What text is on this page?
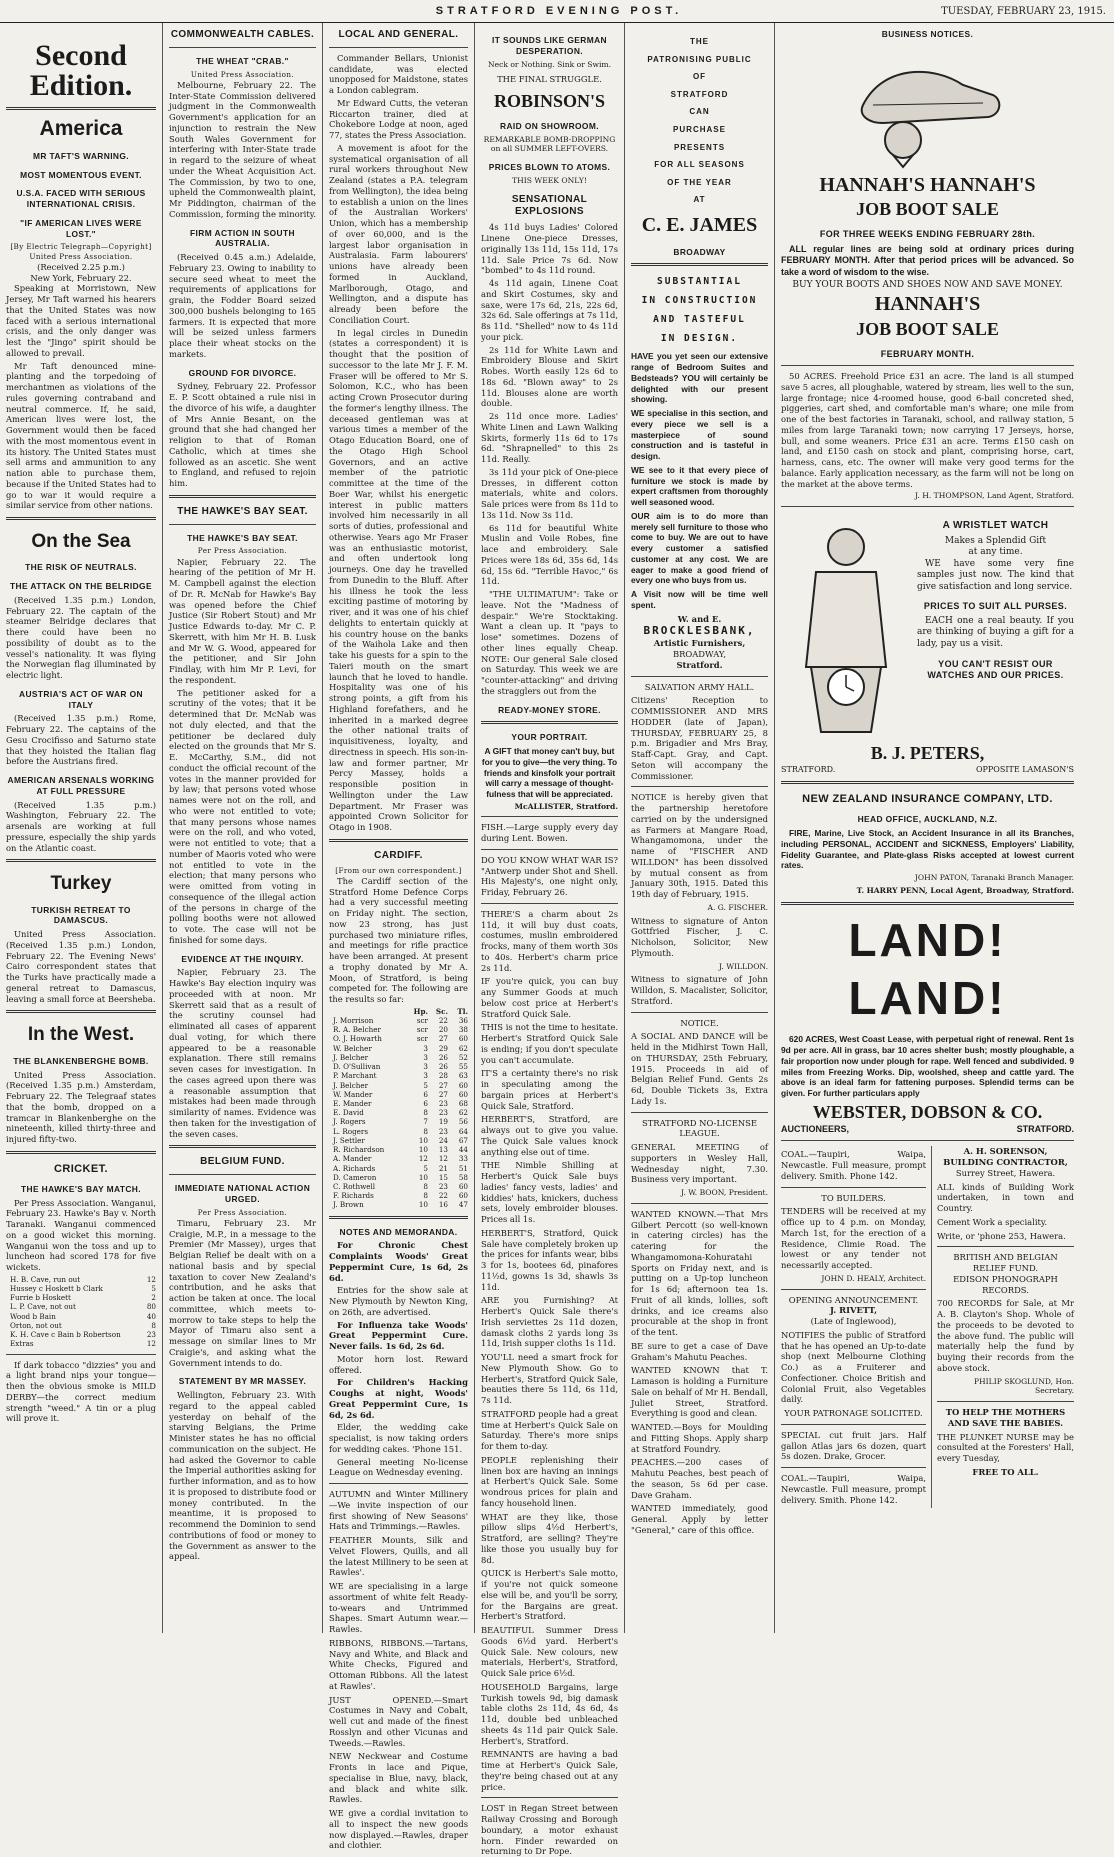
STRATFORD EVENING POST.	TUESDAY, FEBRUARY 23, 1915.
Second Edition.
America
MR TAFT'S WARNING.
MOST MOMENTOUS EVENT.
U.S.A. FACED WITH SERIOUS INTERNATIONAL CRISIS.
"IF AMERICAN LIVES WERE LOST."
[By Electric Telegraph—Copyright] United Press Association.
(Received 2.25 p.m.)
New York, February 22.

Speaking at Morristown, New Jersey, Mr Taft warned his hearers that the United States was now faced with a serious international crisis, and the only danger was lest the "Jingo" spirit should be allowed to prevail.

Mr Taft denounced mine-planting and the torpedoing of merchantmen as violations of the rules governing contraband and neutral commerce. If, he said, American lives were lost, the Government would then be faced with the most momentous event in its history. The United States must sell arms and ammunition to any nation able to purchase them, because if the United States had to go to war it would require a similar service from other nations.

On the Sea
THE RISK OF NEUTRALS.
THE ATTACK ON THE BELRIDGE

(Received 1.35 p.m.) London, February 22. The captain of the steamer Belridge declares that there could have been no possibility of doubt as to the vessel's nationality. It was flying the Norwegian flag illuminated by electric light.

AUSTRIA'S ACT OF WAR ON ITALY

(Received 1.35 p.m.) Rome, February 22. The captains of the Gesu Crocifisso and Saturno state that they hoisted the Italian flag before the Austrians fired.

AMERICAN ARSENALS WORKING AT FULL PRESSURE

(Received 1.35 p.m.) Washington, February 22. The arsenals are working at full pressure, especially the ship yards on the Atlantic coast.

Turkey
TURKISH RETREAT TO DAMASCUS.

United Press Association. (Received 1.35 p.m.) London, February 22. The Evening News' Cairo correspondent states that the Turks have practically made a general retreat to Damascus, leaving a small force at Beersheba.

In the West.
THE BLANKENBERGHE BOMB.

United Press Association. (Received 1.35 p.m.) Amsterdam, February 22. The Telegraaf states that the bomb, dropped on a tramcar in Blankenberghe on the nineteenth, killed thirty-three and injured fifty-two.

CRICKET.
THE HAWKE'S BAY MATCH.

Per Press Association. Wanganui, February 23. Hawke's Bay v. North Taranaki. Wanganui commenced on a good wicket this morning. Wanganui won the toss and up to luncheon had scored 178 for five wickets.

H. B. Cave, run out	12
Hussey c Hoskett b Clark	5
Furrie b Hoskett	2
L. P. Cave, not out	80
Wood b Bain	40
Orton, not out	8
K. H. Cave c Bain b Robertson	23
Extras	12

If dark tobacco "dizzies" you and a light brand nips your tongue—then the obvious smoke is MILD DERBY—the correct medium strength "weed." A tin or a plug will prove it.

COMMONWEALTH CABLES.
THE WHEAT "CRAB."
United Press Association.

Melbourne, February 22. The Inter-State Commission delivered judgment in the Commonwealth Government's application for an injunction to restrain the New South Wales Government for interfering with Inter-State trade in regard to the seizure of wheat under the Wheat Acquisition Act. The Commission, by two to one, upheld the Commonwealth plaint, Mr Piddington, chairman of the Commission, forming the minority.

FIRM ACTION IN SOUTH AUSTRALIA.

(Received 0.45 a.m.) Adelaide, February 23. Owing to inability to secure seed wheat to meet the requirements of applications for grain, the Fodder Board seized 300,000 bushels belonging to 165 farmers. It is expected that more will be seized unless farmers place their wheat stocks on the markets.

GROUND FOR DIVORCE.

Sydney, February 22. Professor E. P. Scott obtained a rule nisi in the divorce of his wife, a daughter of Mrs Annie Besant, on the ground that she had changed her religion to that of Roman Catholic, which at times she followed as an ascetic. She went to England, and refused to rejoin him.

THE HAWKE'S BAY SEAT.
THE HAWKE'S BAY SEAT.
Per Press Association.

Napier, February 22. The hearing of the petition of Mr H. M. Campbell against the election of Dr. R. McNab for Hawke's Bay was opened before the Chief Justice (Sir Robert Stout) and Mr Justice Edwards to-day. Mr C. P. Skerrett, with him Mr H. B. Lusk and Mr W. G. Wood, appeared for the petitioner, and Sir John Findlay, with him Mr P. Levi, for the respondent.

The petitioner asked for a scrutiny of the votes; that it be determined that Dr. McNab was not duly elected, and that the petitioner be declared duly elected on the grounds that Mr S. E. McCarthy, S.M., did not conduct the official recount of the votes in the manner provided for by law; that persons voted whose names were not on the roll, and who were not entitled to vote; that many persons whose names were on the roll, and who voted, were not entitled to vote; that a number of Maoris voted who were not entitled to vote in the election; that many persons who were omitted from voting in consequence of the illegal action of the persons in charge of the polling booths were not allowed to vote. The case will not be finished for some days.

EVIDENCE AT THE INQUIRY.

Napier, February 23. The Hawke's Bay election inquiry was proceeded with at noon. Mr Skerrett said that as a result of the scrutiny counsel had eliminated all cases of apparent dual voting, for which there appeared to be a reasonable explanation. There still remains seven cases for investigation. In the cases agreed upon there was a reasonable assumption that mistakes had been made through similarity of names. Evidence was then taken for the investigation of the seven cases.

BELGIUM FUND.
IMMEDIATE NATIONAL ACTION URGED.
Per Press Association.

Timaru, February 23. Mr Craigie, M.P., in a message to the Premier (Mr Massey), urges that Belgian Relief be dealt with on a national basis and by special taxation to cover New Zealand's contribution, and he asks that action be taken at once. The local committee, which meets to-morrow to take steps to help the Mayor of Timaru also sent a message on similar lines to Mr Craigie's, and asking what the Government intends to do.

STATEMENT BY MR MASSEY.

Wellington, February 23. With regard to the appeal cabled yesterday on behalf of the starving Belgians, the Prime Minister states he has no official communication on the subject. He had asked the Governor to cable the Imperial authorities asking for further information, and as to how it is proposed to distribute food or money contributed. In the meantime, it is proposed to recommend the Dominion to send contributions of food or money to the Government as answer to the appeal.

LOCAL AND GENERAL.

Commander Bellars, Unionist candidate, was elected unopposed for Maidstone, states a London cablegram.

Mr Edward Cutts, the veteran Riccarton trainer, died at Chokebore Lodge at noon, aged 77, states the Press Association.

A movement is afoot for the systematical organisation of all rural workers throughout New Zealand (states a P.A. telegram from Wellington), the idea being to establish a union on the lines of the Australian Workers' Union, which has a membership of over 60,000, and is the largest labor organisation in Australasia. Farm labourers' unions have already been formed in Auckland, Marlborough, Otago, and Wellington, and a dispute has already been before the Conciliation Court.

In legal circles in Dunedin (states a correspondent) it is thought that the position of successor to the late Mr J. F. M. Fraser will be offered to Mr S. Solomon, K.C., who has been acting Crown Prosecutor during the former's lengthy illness. The deceased gentleman was at various times a member of the Otago Education Board, one of the Otago High School Governors, and an active member of the patriotic committee at the time of the Boer War, whilst his energetic interest in public matters involved him necessarily in all sorts of duties, professional and otherwise. Years ago Mr Fraser was an enthusiastic motorist, and often undertook long journeys. One day he travelled from Dunedin to the Bluff. After his illness he took the less exciting pastime of motoring by river, and it was one of his chief delights to entertain quickly at his country house on the banks of the Waihola Lake and then take his guests for a spin to the Taieri mouth on the smart launch that he loved to handle. Hospitality was one of his strong points, a gift from his Highland forefathers, and he inherited in a marked degree the other national traits of inquisitiveness, loyalty, and directness in speech. His son-in-law and former partner, Mr Percy Massey, holds a responsible position in Wellington under the Law Department. Mr Fraser was appointed Crown Solicitor for Otago in 1908.

CARDIFF.
[From our own correspondent.]

The Cardiff section of the Stratford Home Defence Corps had a very successful meeting on Friday night. The section, now 23 strong, has just purchased two miniature rifles, and meetings for rifle practice have been arranged. At present a trophy donated by Mr A. Moon, of Stratford, is being competed for. The following are the results so far:

Hp.	Sc.	Tl.
J. Morrison	scr	22	36
R. A. Belcher	scr	20	38
O. J. Howarth	scr	27	60
W. Belcher	3	29	62
J. Belcher	3	26	52
D. O'Sullivan	3	26	55
P. Marchant	3	28	63
J. Belcher	5	27	60
W. Mander	6	27	60
E. Mander	6	23	68
E. David	8	23	62
J. Rogers	7	19	56
L. Rogers	8	23	64
J. Settler	10	24	67
R. Richardson	10	13	44
A. Mander	12	12	33
A. Richards	5	21	51
D. Cameron	10	15	58
C. Rothwell	8	23	60
F. Richards	8	22	60
J. Brown	10	16	47
NOTES AND MEMORANDA.

For Chronic Chest Complaints Woods' Great Peppermint Cure, 1s 6d, 2s 6d.

Entries for the show sale at New Plymouth by Newton King, on 26th, are advertised.

For Influenza take Woods' Great Peppermint Cure. Never fails. 1s 6d, 2s 6d.

Motor horn lost. Reward offered.

For Children's Hacking Coughs at night, Woods' Great Peppermint Cure, 1s 6d, 2s 6d.

Elder, the wedding cake specialist, is now taking orders for wedding cakes. 'Phone 151.

General meeting No-license League on Wednesday evening.

AUTUMN and Winter Millinery—We invite inspection of our first showing of New Seasons' Hats and Trimmings.—Rawles.

FEATHER Mounts, Silk and Velvet Flowers, Quills, and all the latest Millinery to be seen at Rawles'.

WE are specialising in a large assortment of white felt Ready-to-wears and Untrimmed Shapes. Smart Autumn wear.—Rawles.

RIBBONS, RIBBONS.—Tartans, Navy and White, and Black and White Checks, Figured and Ottoman Ribbons. All the latest at Rawles'.

JUST OPENED.—Smart Costumes in Navy and Cobalt, well cut and made of the finest Rosslyn and other Vicunas and Tweeds.—Rawles.

NEW Neckwear and Costume Fronts in lace and Pique, specialise in Blue, navy, black, and black and white silk. Rawles.

WE give a cordial invitation to all to inspect the new goods now displayed.—Rawles, draper and clothier.

IT SOUNDS LIKE GERMAN DESPERATION.
Neck or Nothing. Sink or Swim.
THE FINAL STRUGGLE.
ROBINSON'S
RAID ON SHOWROOM.
REMARKABLE BOMB-DROPPING on all SUMMER LEFT-OVERS.
PRICES BLOWN TO ATOMS.
THIS WEEK ONLY!
SENSATIONAL EXPLOSIONS

4s 11d buys Ladies' Colored Linene One-piece Dresses, originally 13s 11d, 15s 11d, 17s 11d. Sale Price 7s 6d. Now "bombed" to 4s 11d round.

4s 11d again, Linene Coat and Skirt Costumes, sky and saxe, were 17s 6d, 21s, 22s 6d, 32s 6d. Sale offerings at 7s 11d, 8s 11d. "Shelled" now to 4s 11d your pick.

2s 11d for White Lawn and Embroidery Blouse and Skirt Robes. Worth easily 12s 6d to 18s 6d. "Blown away" to 2s 11d. Blouses alone are worth double.

2s 11d once more. Ladies' White Linen and Lawn Walking Skirts, formerly 11s 6d to 17s 6d. "Shrapnelled" to this 2s 11d. Really.

3s 11d your pick of One-piece Dresses, in different cotton materials, white and colors. Sale prices were from 8s 11d to 13s 11d. Now 3s 11d.

6s 11d for beautiful White Muslin and Voile Robes, fine lace and embroidery. Sale Prices were 18s 6d, 35s 6d, 14s 6d, 15s 6d. "Terrible Havoc," 6s 11d.

"THE ULTIMATUM": Take or leave. Not the "Madness of despair." We're Stocktaking. Want a clean up. It "pays to lose" sometimes. Dozens of other lines equally Cheap. NOTE: Our general Sale closed on Saturday. This week we are "counter-attacking" and driving the stragglers out from the

READY-MONEY STORE.
YOUR PORTRAIT.

A GIFT that money can't buy, but for you to give—the very thing. To friends and kinsfolk your portrait will carry a message of thought-fulness that will be appreciated.

McALLISTER, Stratford.

FISH.—Large supply every day during Lent. Bowen.

DO YOU KNOW WHAT WAR IS? "Antwerp under Shot and Shell. His Majesty's, one night only, Friday, February 26.

THERE'S a charm about 2s 11d, it will buy dust coats, costumes, muslin embroidered frocks, many of them worth 30s to 40s. Herbert's charm price 2s 11d.

IF you're quick, you can buy any Summer Goods at much below cost price at Herbert's Stratford Quick Sale.

THIS is not the time to hesitate. Herbert's Stratford Quick Sale is ending; if you don't speculate you can't accumulate.

IT'S a certainty there's no risk in speculating among the bargain prices at Herbert's Quick Sale, Stratford.

HERBERT'S, Stratford, are always out to give you value. The Quick Sale values knock anything else out of time.

THE Nimble Shilling at Herbert's Quick Sale buys ladies' fancy vests, ladies' and kiddies' hats, knickers, duchess sets, lovely embroider blouses. Prices all 1s.

HERBERT'S, Stratford, Quick Sale have completely broken up the prices for infants wear, bibs 3 for 1s, bootees 6d, pinafores 11½d, gowns 1s 3d, shawls 3s 11d.

ARE you Furnishing? At Herbert's Quick Sale there's Irish serviettes 2s 11d dozen, damask cloths 2 yards long 3s 11d, Irish supper cloths 1s 11d.

YOU'LL need a smart frock for New Plymouth Show. Go to Herbert's, Stratford Quick Sale, beauties there 5s 11d, 6s 11d, 7s 11d.

STRATFORD people had a great time at Herbert's Quick Sale on Saturday. There's more snips for them to-day.

PEOPLE replenishing their linen box are having an innings at Herbert's Quick Sale. Some wondrous prices for plain and fancy household linen.

WHAT are they like, those pillow slips 4½d Herbert's, Stratford, are selling? They're like those you usually buy for 8d.

QUICK is Herbert's Sale motto, if you're not quick someone else will be, and you'll be sorry, for the Bargains are great. Herbert's Stratford.

BEAUTIFUL Summer Dress Goods 6½d yard. Herbert's Quick Sale. New colours, new materials, Herbert's, Stratford, Quick Sale price 6½d.

HOUSEHOLD Bargains, large Turkish towels 9d, big damask table cloths 2s 11d, 4s 6d, 4s 11d, double bed unbleached sheets 4s 11d pair Quick Sale. Herbert's, Stratford.

REMNANTS are having a bad time at Herbert's Quick Sale, they're being chased out at any price.

LOST in Regan Street between Railway Crossing and Borough boundary, a motor exhaust horn. Finder rewarded on returning to Dr Pope.

THE
PATRONISING PUBLIC
OF
STRATFORD
CAN
PURCHASE
PRESENTS
FOR ALL SEASONS
OF THE YEAR
AT
C. E. JAMES
BROADWAY
SUBSTANTIAL
IN CONSTRUCTION
AND TASTEFUL
IN DESIGN.

HAVE you yet seen our extensive range of Bedroom Suites and Bedsteads? YOU will certainly be delighted with our present showing.

WE specialise in this section, and every piece we sell is a masterpiece of sound construction and is tasteful in design.

WE see to it that every piece of furniture we stock is made by expert craftsmen from thoroughly well seasoned wood.

OUR aim is to do more than merely sell furniture to those who come to buy. We are out to have every customer a satisfied customer at any cost. We are eager to make a good friend of every one who buys from us.

A Visit now will be time well spent.

W. and E.
BROCKLESBANK,
Artistic Furnishers,
BROADWAY,
Stratford.
SALVATION ARMY HALL.

Citizens' Reception to COMMISSIONER AND MRS HODDER (late of Japan), THURSDAY, FEBRUARY 25, 8 p.m. Brigadier and Mrs Bray, Staff-Capt. Gray, and Capt. Seton will accompany the Commissioner.

NOTICE is hereby given that the partnership heretofore carried on by the undersigned as Farmers at Mangare Road, Whangamomona, under the name of "FISCHER AND WILLDON" has been dissolved by mutual consent as from January 30th, 1915. Dated this 19th day of February, 1915.

A. G. FISCHER.

Witness to signature of Anton Gottfried Fischer, J. C. Nicholson, Solicitor, New Plymouth.

J. WILLDON.

Witness to signature of John Willdon, S. Macalister, Solicitor, Stratford.

NOTICE.

A SOCIAL AND DANCE will be held in the Midhirst Town Hall, on THURSDAY, 25th February, 1915. Proceeds in aid of Belgian Relief Fund. Gents 2s 6d, Double Tickets 3s, Extra Lady 1s.

STRATFORD NO-LICENSE LEAGUE.

GENERAL MEETING of supporters in Wesley Hall, Wednesday night, 7.30. Business very important.

J. W. BOON, President.

WANTED KNOWN.—That Mrs Gilbert Percott (so well-known in catering circles) has the catering for the Whangamomona-Kohuratahi Sports on Friday next, and is putting on a Up-top luncheon for 1s 6d; afternoon tea 1s. Fruit of all kinds, lollies, soft drinks, and ice creams also procurable at the shop in front of the tent.

BE sure to get a case of Dave Graham's Mahutu Peaches.

WANTED KNOWN that T. Lamason is holding a Furniture Sale on behalf of Mr H. Bendall, Juliet Street, Stratford. Everything is good and clean.

WANTED.—Boys for Moulding and Fitting Shops. Apply sharp at Stratford Foundry.

PEACHES.—200 cases of Mahutu Peaches, best peach of the season, 5s 6d per case. Dave Graham.

WANTED immediately, good General. Apply by letter "General," care of this office.

BUSINESS NOTICES.
HANNAH'S HANNAH'S
JOB BOOT SALE
FOR THREE WEEKS ENDING FEBRUARY 28th.

ALL regular lines are being sold at ordinary prices during FEBRUARY MONTH. After that period prices will be advanced. So take a word of wisdom to the wise.

BUY YOUR BOOTS AND SHOES NOW AND SAVE MONEY.
HANNAH'S
JOB BOOT SALE
FEBRUARY MONTH.

50 ACRES. Freehold Price £31 an acre. The land is all stumped save 5 acres, all ploughable, watered by stream, lies well to the sun, large frontage; nice 4-roomed house, good 6-bail concreted shed, piggeries, cart shed, and comfortable man's whare; one mile from one of the best factories in Taranaki, school, and railway station, 5 miles from large Taranaki town; now carrying 17 Jerseys, horse, bull, and some weaners. Price £31 an acre. Terms £150 cash on land, and £150 cash on stock and plant, comprising horse, cart, harness, cans, etc. The owner will make very good terms for the balance. Early application necessary, as the farm will not be long on the market at the above terms.

J. H. THOMPSON, Land Agent, Stratford.
A WRISTLET WATCH
Makes a Splendid Gift
at any time.

WE have some very fine samples just now. The kind that give satisfaction and long service.

PRICES TO SUIT ALL PURSES.

EACH one a real beauty. If you are thinking of buying a gift for a lady, pay us a visit.

YOU CAN'T RESIST OUR WATCHES AND OUR PRICES.
B. J. PETERS,
STRATFORD.	OPPOSITE LAMASON'S
NEW ZEALAND INSURANCE COMPANY, LTD.
HEAD OFFICE, AUCKLAND, N.Z.

FIRE, Marine, Live Stock, an Accident Insurance in all its Branches, including PERSONAL, ACCIDENT and SICKNESS, Employers' Liability, Fidelity Guarantee, and Plate-glass Risks accepted at lowest current rates.

JOHN PATON, Taranaki Branch Manager.
T. HARRY PENN, Local Agent, Broadway, Stratford.
LAND! LAND!

620 ACRES, West Coast Lease, with perpetual right of renewal. Rent 1s 9d per acre. All in grass, bar 10 acres shelter bush; mostly ploughable, a fair proportion now under plough for rape. Well fenced and subdivided. 9 miles from Freezing Works. Dip, woolshed, sheep and cattle yard. The above is an ideal farm for fattening purposes. Splendid terms can be given. For further particulars apply

WEBSTER, DOBSON & CO.
AUCTIONEERS,	STRATFORD.

COAL.—Taupiri, Waipa, Newcastle. Full measure, prompt delivery. Smith. Phone 142.

TO BUILDERS.

TENDERS will be received at my office up to 4 p.m. on Monday, March 1st, for the erection of a Residence, Climie Road. The lowest or any tender not necessarily accepted.

JOHN D. HEALY, Architect.
OPENING ANNOUNCEMENT.
J. RIVETT,
(Late of Inglewood),

NOTIFIES the public of Stratford that he has opened an Up-to-date shop (next Melbourne Clothing Co.) as a Fruiterer and Confectioner. Choice British and Colonial Fruit, also Vegetables daily.

YOUR PATRONAGE SOLICITED.

SPECIAL cut fruit jars. Half gallon Atlas jars 6s dozen, quart 5s dozen. Drake, Grocer.

COAL.—Taupiri, Waipa, Newcastle. Full measure, prompt delivery. Smith. Phone 142.

A. H. SORENSON,
BUILDING CONTRACTOR,
Surrey Street, Hawera.

ALL kinds of Building Work undertaken, in town and Country.

Cement Work a speciality.

Write, or 'phone 253, Hawera.

BRITISH AND BELGIAN RELIEF FUND.
EDISON PHONOGRAPH RECORDS.

700 RECORDS for Sale, at Mr A. B. Clayton's Shop. Whole of the proceeds to be devoted to the above fund. The public will materially help the fund by buying their records from the above stock.

PHILIP SKOGLUND, Hon. Secretary.
TO HELP THE MOTHERS AND SAVE THE BABIES.

THE PLUNKET NURSE may be consulted at the Foresters' Hall, every Tuesday,

FREE TO ALL.
